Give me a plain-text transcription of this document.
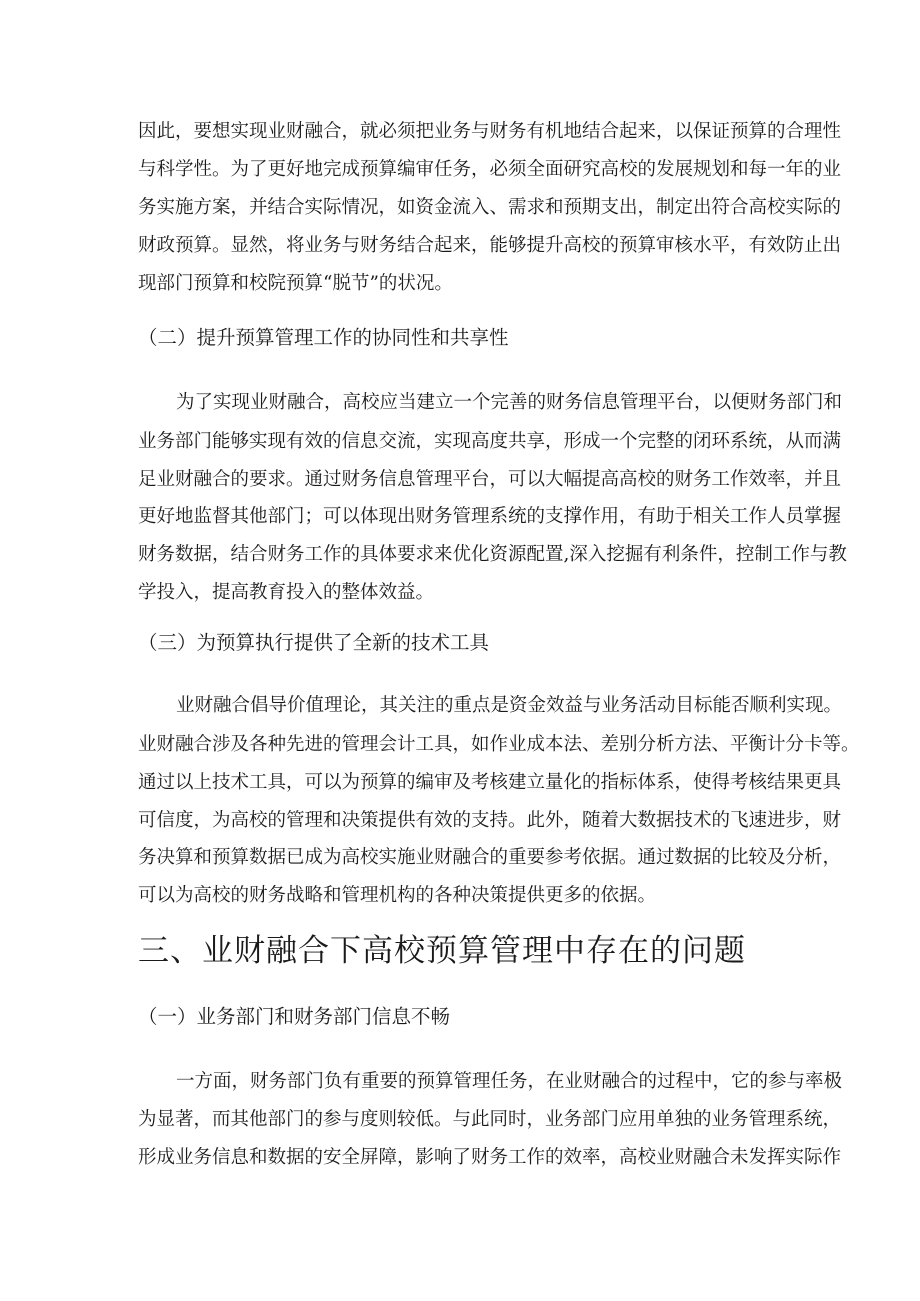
因此，要想实现业财融合，就必须把业务与财务有机地结合起来，以保证预算的合理性
与科学性。为了更好地完成预算编审任务，必须全面研究高校的发展规划和每一年的业
务实施方案，并结合实际情况，如资金流入、需求和预期支出，制定出符合高校实际的
财政预算。显然，将业务与财务结合起来，能够提升高校的预算审核水平，有效防止出
现部门预算和校院预算“脱节”的状况。
（二）提升预算管理工作的协同性和共享性
为了实现业财融合，高校应当建立一个完善的财务信息管理平台，以便财务部门和
业务部门能够实现有效的信息交流，实现高度共享，形成一个完整的闭环系统，从而满
足业财融合的要求。通过财务信息管理平台，可以大幅提高高校的财务工作效率，并且
更好地监督其他部门；可以体现出财务管理系统的支撑作用，有助于相关工作人员掌握
财务数据，结合财务工作的具体要求来优化资源配置,深入挖掘有利条件，控制工作与教
学投入，提高教育投入的整体效益。
（三）为预算执行提供了全新的技术工具
业财融合倡导价值理论，其关注的重点是资金效益与业务活动目标能否顺利实现。
业财融合涉及各种先进的管理会计工具，如作业成本法、差别分析方法、平衡计分卡等。
通过以上技术工具，可以为预算的编审及考核建立量化的指标体系，使得考核结果更具
可信度，为高校的管理和决策提供有效的支持。此外，随着大数据技术的飞速进步，财
务决算和预算数据已成为高校实施业财融合的重要参考依据。通过数据的比较及分析，
可以为高校的财务战略和管理机构的各种决策提供更多的依据。
三、业财融合下高校预算管理中存在的问题
（一）业务部门和财务部门信息不畅
一方面，财务部门负有重要的预算管理任务，在业财融合的过程中，它的参与率极
为显著，而其他部门的参与度则较低。与此同时，业务部门应用单独的业务管理系统，
形成业务信息和数据的安全屏障，影响了财务工作的效率，高校业财融合未发挥实际作
